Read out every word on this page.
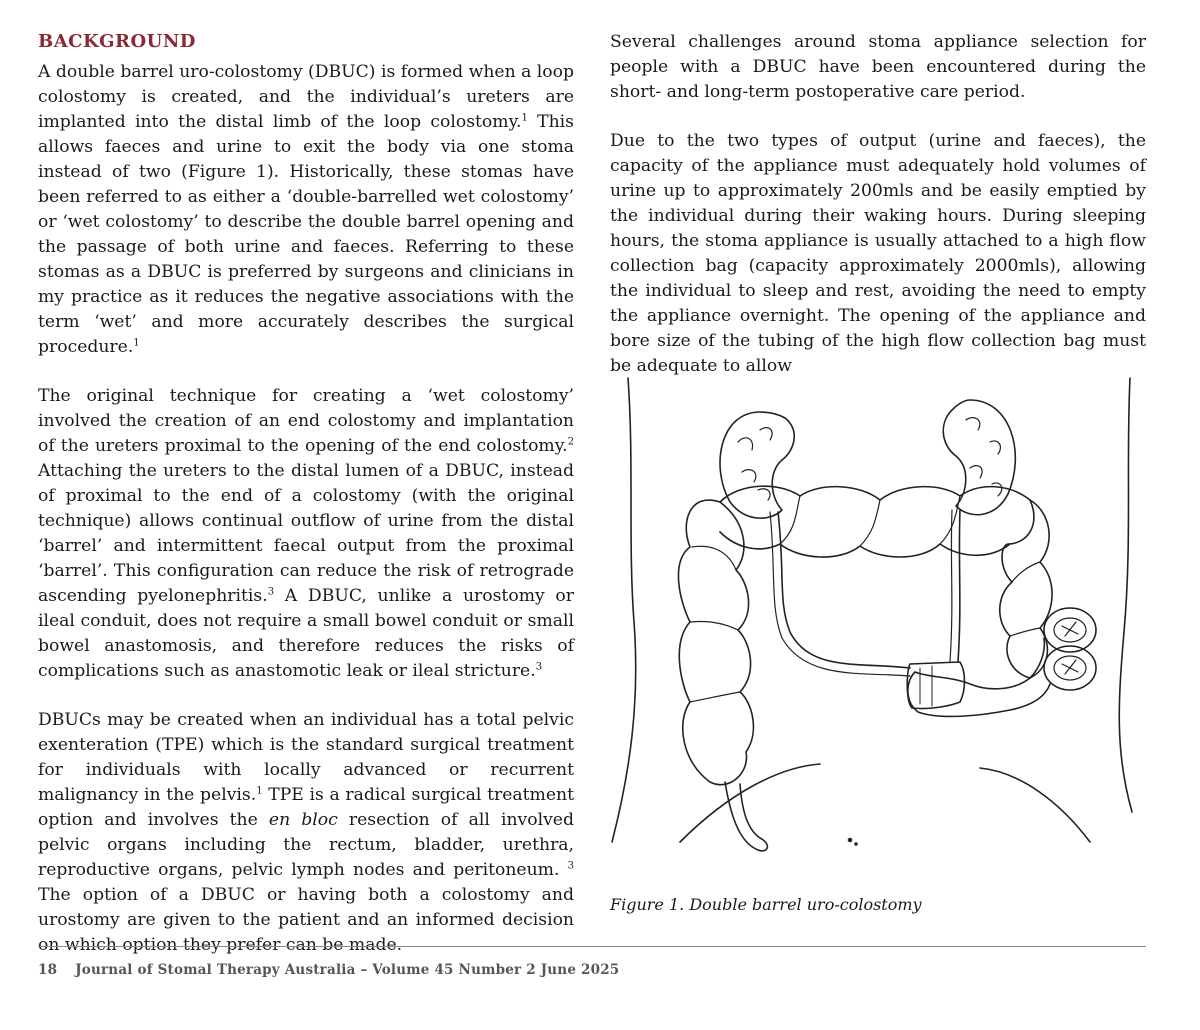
BACKGROUND

A double barrel uro-colostomy (DBUC) is formed when a loop colostomy is created, and the individual’s ureters are implanted into the distal limb of the loop colostomy.$^1$ This allows faeces and urine to exit the body via one stoma instead of two (Figure 1). Historically, these stomas have been referred to as either a ‘double-barrelled wet colostomy’ or ‘wet colostomy’ to describe the double barrel opening and the passage of both urine and faeces. Referring to these stomas as a DBUC is preferred by surgeons and clinicians in my practice as it reduces the negative associations with the term ‘wet’ and more accurately describes the surgical procedure.$^1$

The original technique for creating a ‘wet colostomy’ involved the creation of an end colostomy and implantation of the ureters proximal to the opening of the end colostomy.$^2$ Attaching the ureters to the distal lumen of a DBUC, instead of proximal to the end of a colostomy (with the original technique) allows continual outflow of urine from the distal ‘barrel’ and intermittent faecal output from the proximal ‘barrel’. This configuration can reduce the risk of retrograde ascending pyelonephritis.$^3$ A DBUC, unlike a urostomy or ileal conduit, does not require a small bowel conduit or small bowel anastomosis, and therefore reduces the risks of complications such as anastomotic leak or ileal stricture.$^3$

DBUCs may be created when an individual has a total pelvic exenteration (TPE) which is the standard surgical treatment for individuals with locally advanced or recurrent malignancy in the pelvis.$^1$ TPE is a radical surgical treatment option and involves the en bloc resection of all involved pelvic organs including the rectum, bladder, urethra, reproductive organs, pelvic lymph nodes and peritoneum. $^3$ The option of a DBUC or having both a colostomy and urostomy are given to the patient and an informed decision on which option they prefer can be made.

Several challenges around stoma appliance selection for people with a DBUC have been encountered during the short- and long-term postoperative care period.

Due to the two types of output (urine and faeces), the capacity of the appliance must adequately hold volumes of urine up to approximately 200mls and be easily emptied by the individual during their waking hours. During sleeping hours, the stoma appliance is usually attached to a high flow collection bag (capacity approximately 2000mls), allowing the individual to sleep and rest, avoiding the need to empty the appliance overnight. The opening of the appliance and bore size of the tubing of the high flow collection bag must be adequate to allow

Figure 1. Double barrel uro-colostomy
18 Journal of Stomal Therapy Australia – Volume 45 Number 2 June 2025
